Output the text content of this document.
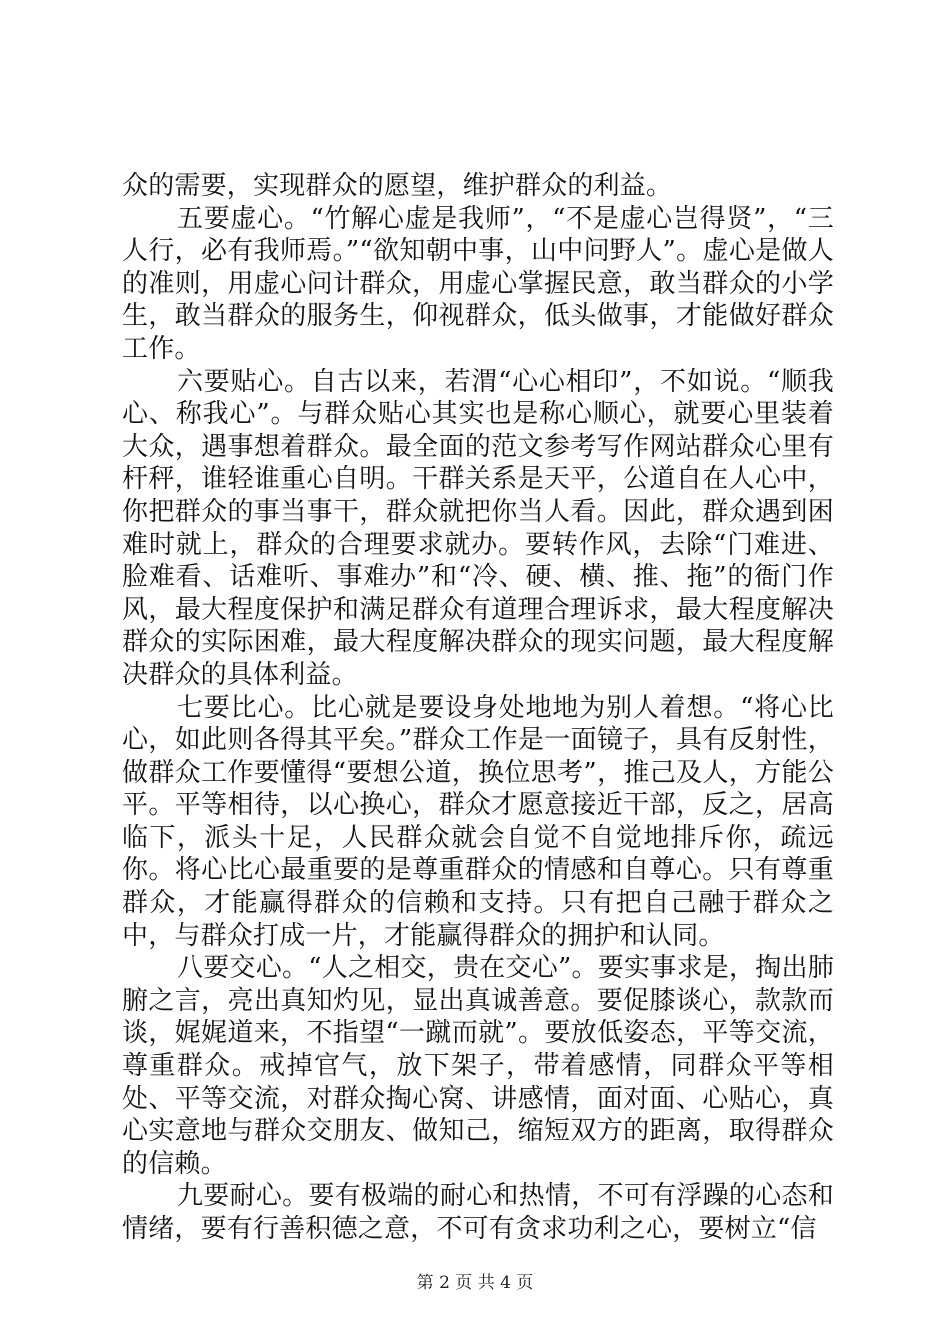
众的需要，实现群众的愿望，维护群众的利益。

五要虚心。“竹解心虚是我师”，“不是虚心岂得贤”，“三人行，必有我师焉。”“欲知朝中事，山中问野人”。虚心是做人的准则，用虚心问计群众，用虚心掌握民意，敢当群众的小学生，敢当群众的服务生，仰视群众，低头做事，才能做好群众工作。

六要贴心。自古以来，若渭“心心相印”，不如说。“顺我心、称我心”。与群众贴心其实也是称心顺心，就要心里装着大众，遇事想着群众。最全面的范文参考写作网站群众心里有杆秤，谁轻谁重心自明。干群关系是天平，公道自在人心中，你把群众的事当事干，群众就把你当人看。因此，群众遇到困难时就上，群众的合理要求就办。要转作风，去除“门难进、脸难看、话难听、事难办”和“冷、硬、横、推、拖”的衙门作风，最大程度保护和满足群众有道理合理诉求，最大程度解决群众的实际困难，最大程度解决群众的现实问题，最大程度解决群众的具体利益。

七要比心。比心就是要设身处地地为别人着想。“将心比心，如此则各得其平矣。”群众工作是一面镜子，具有反射性，做群众工作要懂得“要想公道，换位思考”，推己及人，方能公平。平等相待，以心换心，群众才愿意接近干部，反之，居高临下，派头十足，人民群众就会自觉不自觉地排斥你，疏远你。将心比心最重要的是尊重群众的情感和自尊心。只有尊重群众，才能赢得群众的信赖和支持。只有把自己融于群众之中，与群众打成一片，才能赢得群众的拥护和认同。

八要交心。“人之相交，贵在交心”。要实事求是，掏出肺腑之言，亮出真知灼见，显出真诚善意。要促膝谈心，款款而谈，娓娓道来，不指望“一蹴而就”。要放低姿态，平等交流，尊重群众。戒掉官气，放下架子，带着感情，同群众平等相处、平等交流，对群众掏心窝、讲感情，面对面、心贴心，真心实意地与群众交朋友、做知己，缩短双方的距离，取得群众的信赖。

九要耐心。要有极端的耐心和热情，不可有浮躁的心态和情绪，要有行善积德之意，不可有贪求功利之心，要树立“信

第 2 页 共 4 页
